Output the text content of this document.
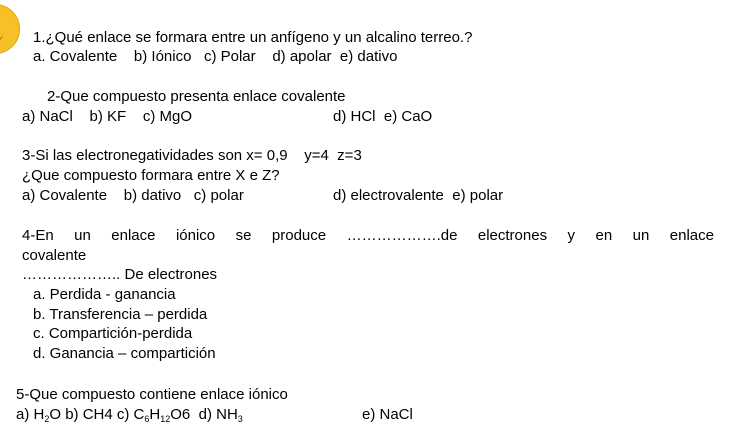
1.¿Qué enlace se formara entre un anfígeno y un alcalino terreo.?
a. Covalente b) Iónico c) Polar d) apolar e) dativo
2-Que compuesto presenta enlace covalente
a) NaCl b) KF c) MgO	d) HCl e) CaO
3-Si las electronegatividades son x= 0,9    y=4  z=3
¿Que compuesto formara entre X e Z?
a) Covalente b) dativo c) polar	d) electrovalente e) polar
4-En un enlace iónico se produce ……………….de electrones y en un enlace
covalente
……………….. De electrones
a. Perdida - ganancia
b. Transferencia – perdida
c. Compartición-perdida
d. Ganancia – compartición
5-Que compuesto contiene enlace iónico
a) $H_2O$ b) CH4 c) $C_6H_{12}O6$ d) $NH_3$	e) NaCl
